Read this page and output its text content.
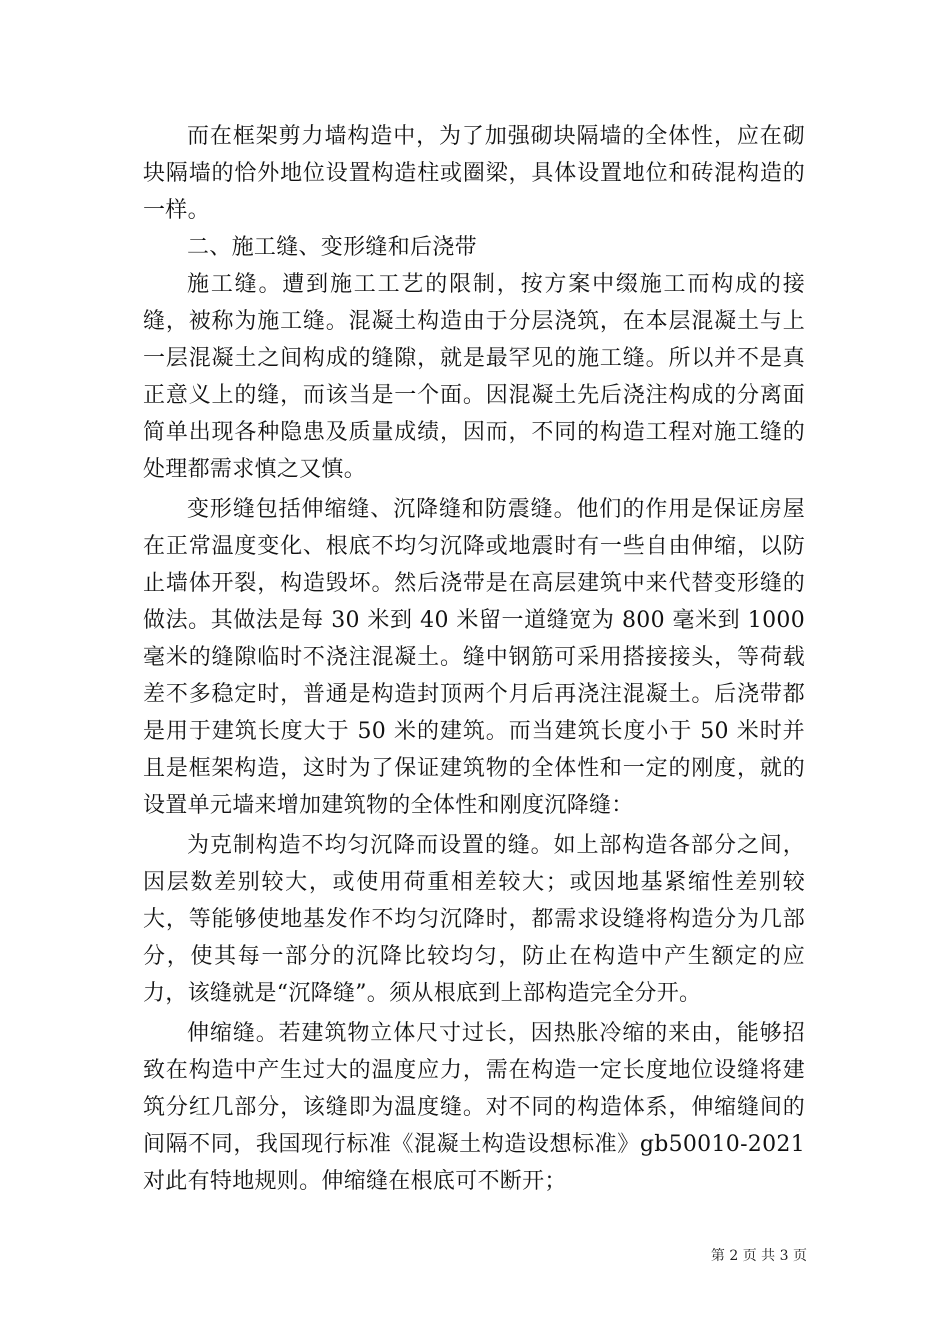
而在框架剪力墙构造中，为了加强砌块隔墙的全体性，应在砌块隔墙的恰外地位设置构造柱或圈梁，具体设置地位和砖混构造的一样。

二、施工缝、变形缝和后浇带

施工缝。遭到施工工艺的限制，按方案中缀施工而构成的接缝，被称为施工缝。混凝土构造由于分层浇筑，在本层混凝土与上一层混凝土之间构成的缝隙，就是最罕见的施工缝。所以并不是真正意义上的缝，而该当是一个面。因混凝土先后浇注构成的分离面简单出现各种隐患及质量成绩，因而，不同的构造工程对施工缝的处理都需求慎之又慎。

变形缝包括伸缩缝、沉降缝和防震缝。他们的作用是保证房屋在正常温度变化、根底不均匀沉降或地震时有一些自由伸缩，以防止墙体开裂，构造毁坏。然后浇带是在高层建筑中来代替变形缝的做法。其做法是每 30 米到 40 米留一道缝宽为 800 毫米到 1000 毫米的缝隙临时不浇注混凝土。缝中钢筋可采用搭接接头，等荷载差不多稳定时，普通是构造封顶两个月后再浇注混凝土。后浇带都是用于建筑长度大于 50 米的建筑。而当建筑长度小于 50 米时并且是框架构造，这时为了保证建筑物的全体性和一定的刚度，就的设置单元墙来增加建筑物的全体性和刚度沉降缝：

为克制构造不均匀沉降而设置的缝。如上部构造各部分之间，因层数差别较大，或使用荷重相差较大；或因地基紧缩性差别较大，等能够使地基发作不均匀沉降时，都需求设缝将构造分为几部分，使其每一部分的沉降比较均匀，防止在构造中产生额定的应力，该缝就是“沉降缝”。须从根底到上部构造完全分开。

伸缩缝。若建筑物立体尺寸过长，因热胀冷缩的来由，能够招致在构造中产生过大的温度应力，需在构造一定长度地位设缝将建筑分红几部分，该缝即为温度缝。对不同的构造体系，伸缩缝间的间隔不同，我国现行标准《混凝土构造设想标准》gb50010-2021 对此有特地规则。伸缩缝在根底可不断开；

第 2 页 共 3 页
